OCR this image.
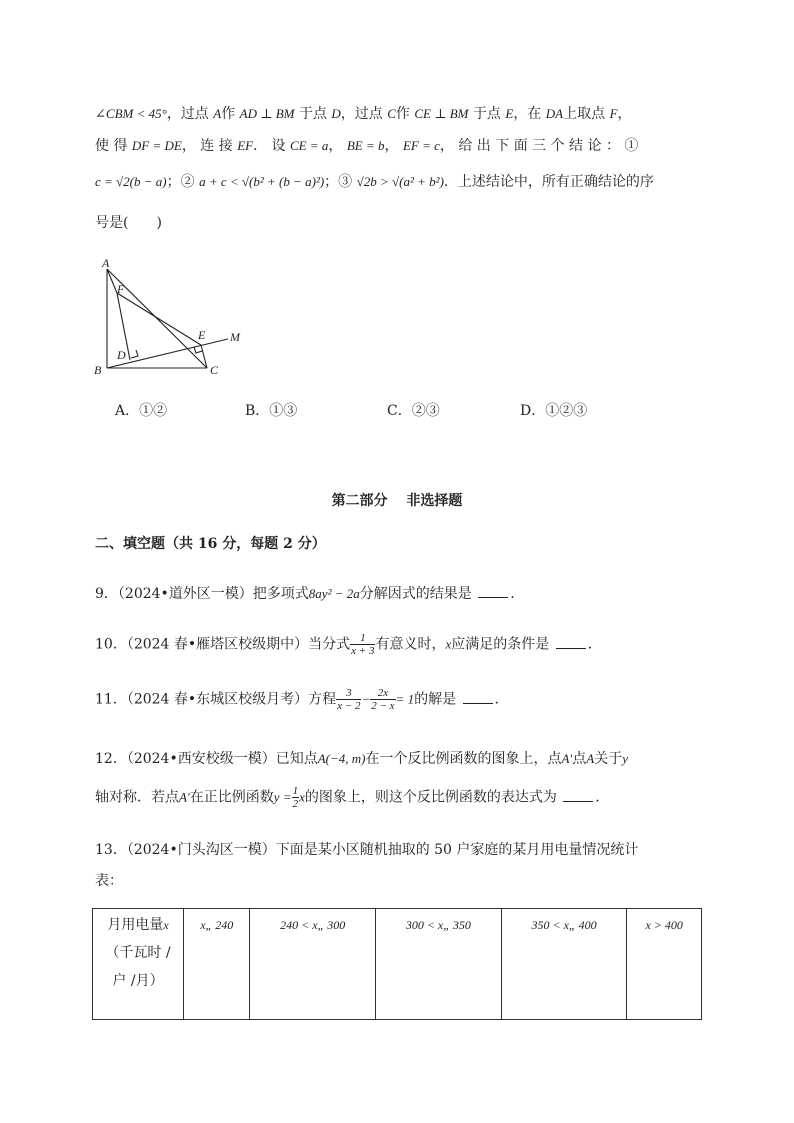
∠CBM < 45°，过点 A作 AD ⊥ BM 于点 D，过点 C作 CE ⊥ BM 于点 E，在 DA上取点 F，
使 得 DF = DE， 连 接 EF． 设 CE = a， BE = b， EF = c， 给 出 下 面 三 个 结 论 ： ①
c = √2(b − a)；② a + c < √(b² + (b − a)²)；③ √2b > √(a² + b²)．上述结论中，所有正确结论的序
号是(　　)
A
F
E M
D
B	C
A．①②	B．①③	C．②③	D．①②③
第二部分　 非选择题
二、填空题（共 16 分，每题 2 分）
9．（2024•道外区一模）把多项式8ay² − 2a分解因式的结果是	．
10．（2024 春•雁塔区校级期中）当分式 $\frac{1}{x + 3}$ 有意义时，x应满足的条件是	．
11．（2024 春•东城区校级月考）方程 $\frac{3}{x - 2} - \frac{2x}{2 - x} = 1$的解是	．
12．（2024•西安校级一模）已知点A(−4, m)在一个反比例函数的图象上，点A′点A关于y
轴对称．若点A′在正比例函数$y = \frac{1}{2}$ x的图象上，则这个反比例函数的表达式为	．
13．（2024•门头沟区一模）下面是某小区随机抽取的 50 户家庭的某月用电量情况统计
表：
月用电量x
（千瓦时 /
户 /月）	x„ 240	240 < x„ 300	300 < x„ 350	350 < x„ 400	x > 400
